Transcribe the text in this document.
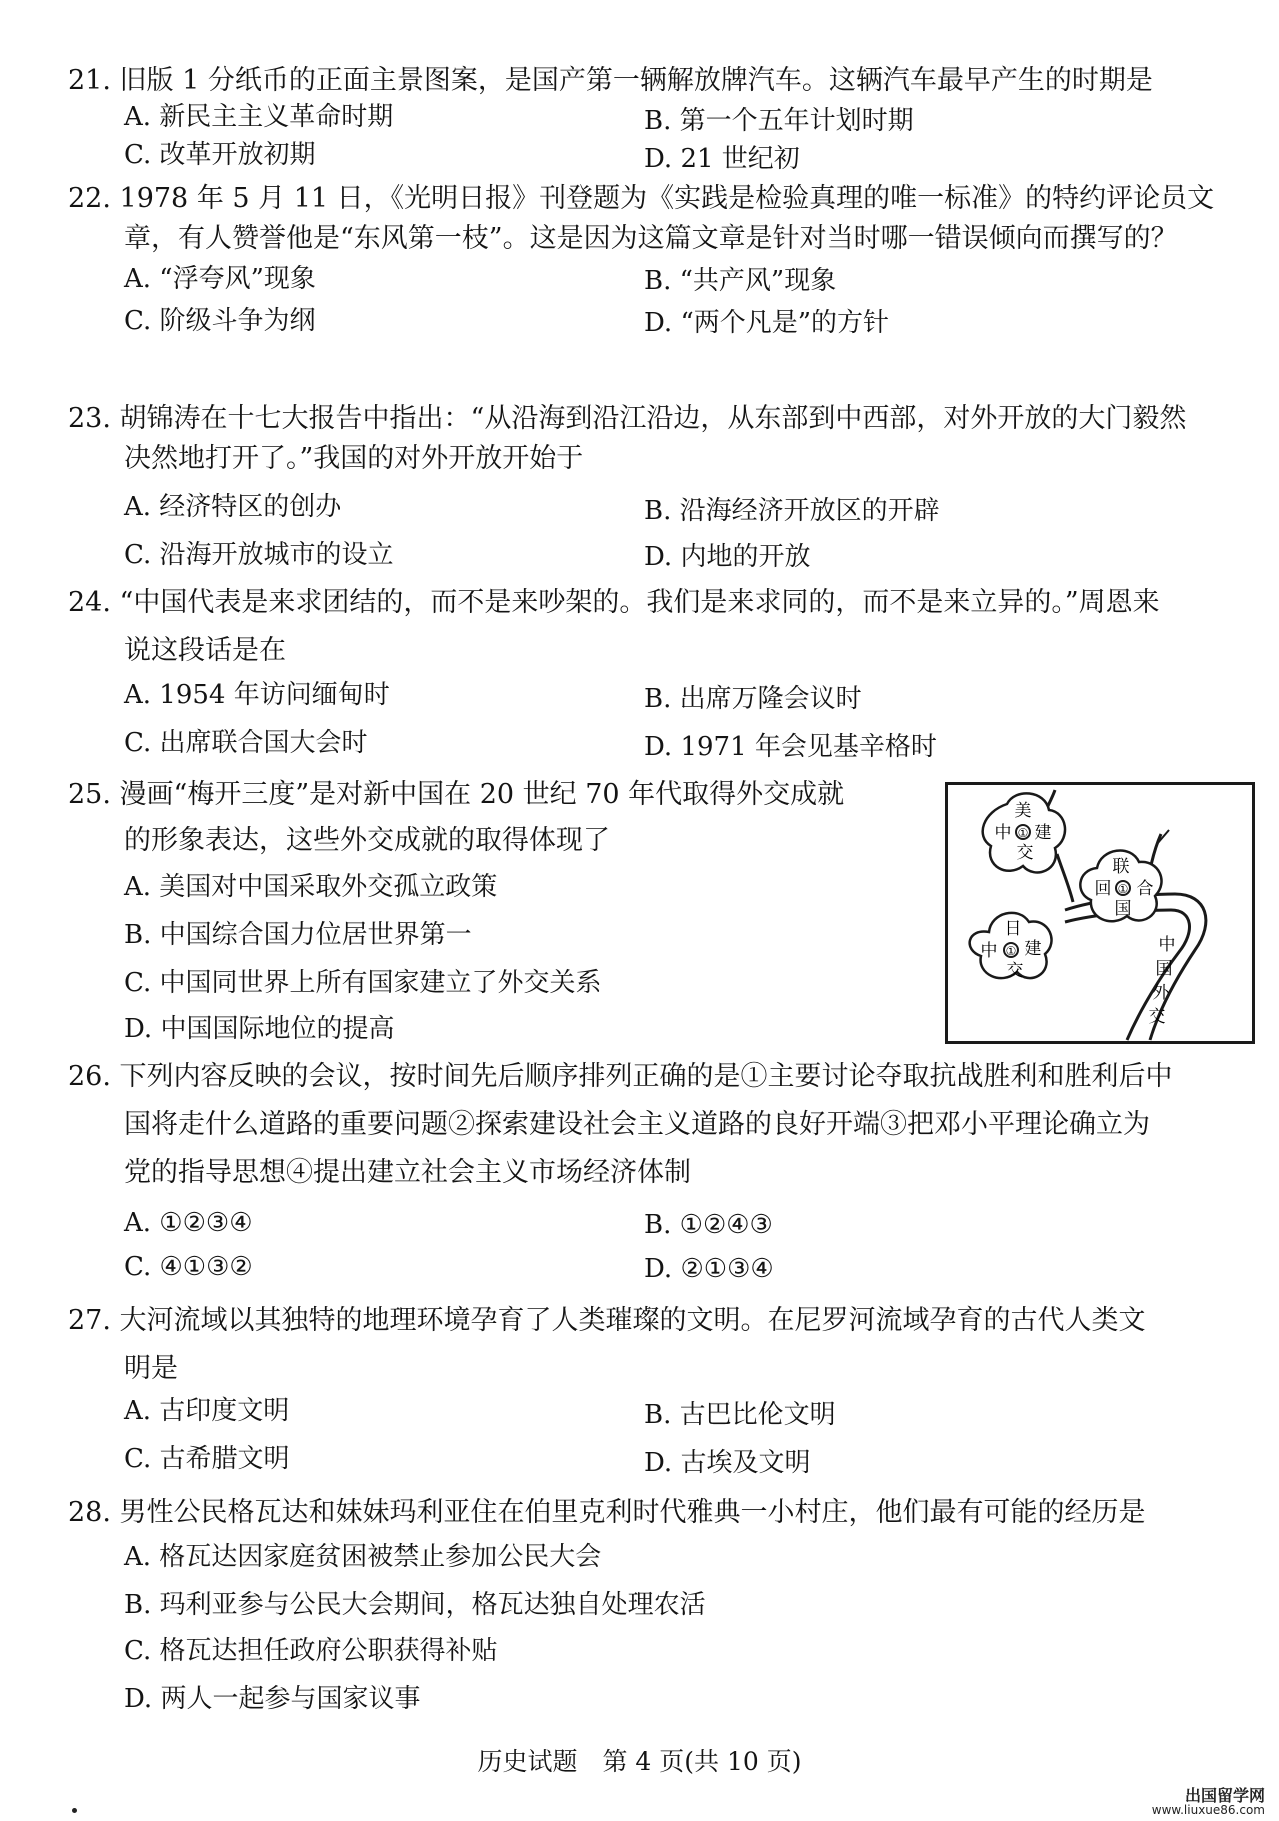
21. 旧版 1 分纸币的正面主景图案，是国产第一辆解放牌汽车。这辆汽车最早产生的时期是
A. 新民主主义革命时期	B. 第一个五年计划时期
C. 改革开放初期	D. 21 世纪初
22. 1978 年 5 月 11 日，《光明日报》刊登题为《实践是检验真理的唯一标准》的特约评论员文
章，有人赞誉他是“东风第一枝”。这是因为这篇文章是针对当时哪一错误倾向而撰写的？
A. “浮夸风”现象	B. “共产风”现象
C. 阶级斗争为纲	D. “两个凡是”的方针
23. 胡锦涛在十七大报告中指出：“从沿海到沿江沿边，从东部到中西部，对外开放的大门毅然
决然地打开了。”我国的对外开放开始于
A. 经济特区的创办	B. 沿海经济开放区的开辟
C. 沿海开放城市的设立	D. 内地的开放
24. “中国代表是来求团结的，而不是来吵架的。我们是来求同的，而不是来立异的。”周恩来
说这段话是在
A. 1954 年访问缅甸时	B. 出席万隆会议时
C. 出席联合国大会时	D. 1971 年会见基辛格时
25. 漫画“梅开三度”是对新中国在 20 世纪 70 年代取得外交成就
的形象表达，这些外交成就的取得体现了
A. 美国对中国采取外交孤立政策
B. 中国综合国力位居世界第一
C. 中国同世界上所有国家建立了外交关系
D. 中国国际地位的提高
①
美
中 建
交
①
联
回 合
国
①
日
中 建
交
中
国
外
交
26. 下列内容反映的会议，按时间先后顺序排列正确的是①主要讨论夺取抗战胜利和胜利后中
国将走什么道路的重要问题②探索建设社会主义道路的良好开端③把邓小平理论确立为
党的指导思想④提出建立社会主义市场经济体制
A. ①②③④	B. ①②④③
C. ④①③②	D. ②①③④
27. 大河流域以其独特的地理环境孕育了人类璀璨的文明。在尼罗河流域孕育的古代人类文
明是
A. 古印度文明	B. 古巴比伦文明
C. 古希腊文明	D. 古埃及文明
28. 男性公民格瓦达和妹妹玛利亚住在伯里克利时代雅典一小村庄，他们最有可能的经历是
A. 格瓦达因家庭贫困被禁止参加公民大会
B. 玛利亚参与公民大会期间，格瓦达独自处理农活
C. 格瓦达担任政府公职获得补贴
D. 两人一起参与国家议事
历史试题　第 4 页(共 10 页)
出国留学网
www.liuxue86.com
